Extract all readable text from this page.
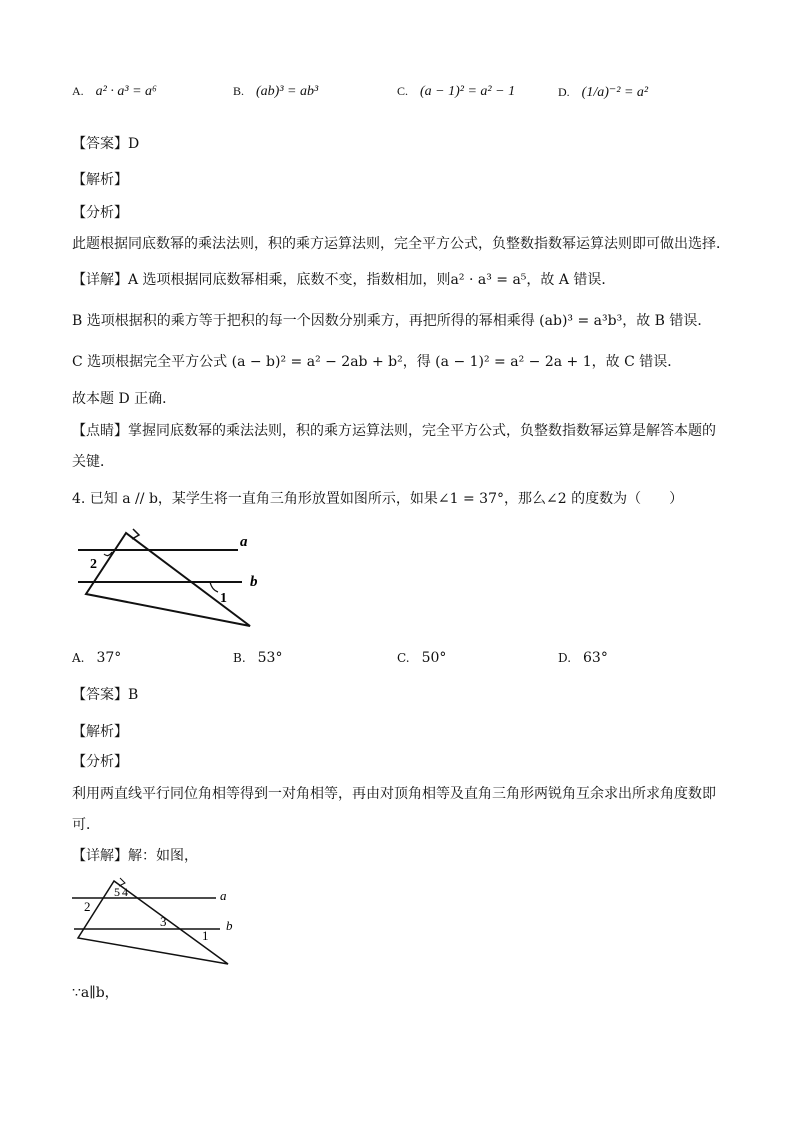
A. a² · a³ = a⁶	B. (ab)³ = ab³	C. (a − 1)² = a² − 1	D. (1/a)⁻² = a²
【答案】D
【解析】
【分析】
此题根据同底数幂的乘法法则，积的乘方运算法则，完全平方公式，负整数指数幂运算法则即可做出选择．
【详解】A 选项根据同底数幂相乘，底数不变，指数相加，则a² · a³ = a⁵，故 A 错误．
B 选项根据积的乘方等于把积的每一个因数分别乘方，再把所得的幂相乘得 (ab)³ = a³b³，故 B 错误．
C 选项根据完全平方公式 (a − b)² = a² − 2ab + b²，得 (a − 1)² = a² − 2a + 1，故 C 错误．
故本题 D 正确．
【点睛】掌握同底数幂的乘法法则，积的乘方运算法则，完全平方公式，负整数指数幂运算是解答本题的
关键．
4. 已知 a // b，某学生将一直角三角形放置如图所示，如果∠1 = 37°，那么∠2 的度数为（　　）
a
b
2
1
A. 37°	B. 53°	C. 50°	D. 63°
【答案】B
【解析】
【分析】
利用两直线平行同位角相等得到一对角相等，再由对顶角相等及直角三角形两锐角互余求出所求角度数即
可．
【详解】解：如图，
a
b
2
5 4
3
1
∵a∥b，
